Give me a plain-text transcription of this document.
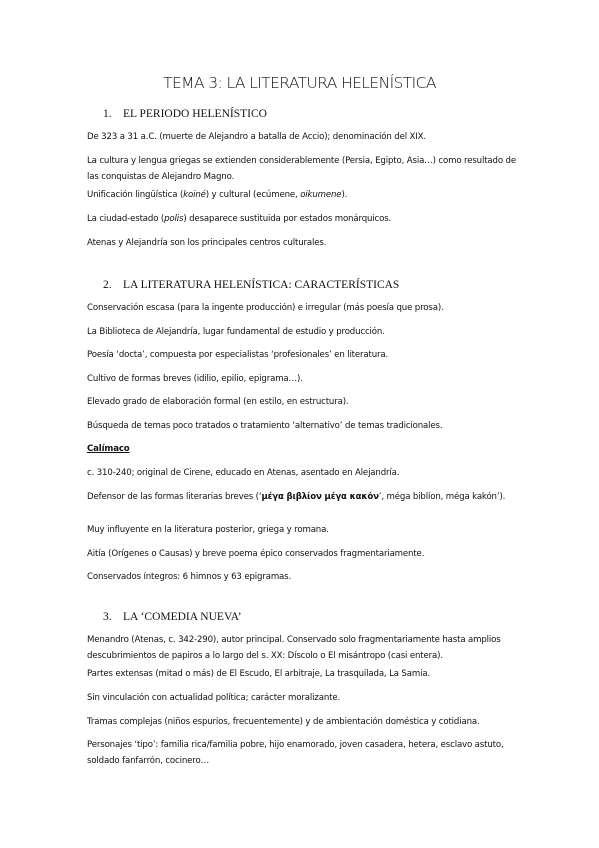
TEMA 3: LA LITERATURA HELENÍSTICA
1. EL PERIODO HELENÍSTICO
De 323 a 31 a.C. (muerte de Alejandro a batalla de Accio); denominación del XIX.
La cultura y lengua griegas se extienden considerablemente (Persia, Egipto, Asia…) como resultado de las conquistas de Alejandro Magno.
Unificación lingüística (koiné) y cultural (ecúmene, oikumene).
La ciudad-estado (polis) desaparece sustituida por estados monárquicos.
Atenas y Alejandría son los principales centros culturales.
2. LA LITERATURA HELENÍSTICA: CARACTERÍSTICAS
Conservación escasa (para la ingente producción) e irregular (más poesía que prosa).
La Biblioteca de Alejandría, lugar fundamental de estudio y producción.
Poesía ‘docta’, compuesta por especialistas ‘profesionales’ en literatura.
Cultivo de formas breves (idilio, epilio, epigrama…).
Elevado grado de elaboración formal (en estilo, en estructura).
Búsqueda de temas poco tratados o tratamiento ‘alternativo’ de temas tradicionales.
Calímaco
c. 310-240; original de Cirene, educado en Atenas, asentado en Alejandría.
Defensor de las formas literarias breves (‘μέγα βιβλίον μέγα κακόν’, méga biblíon, méga kakón’).
Muy influyente en la literatura posterior, griega y romana.
Aitía (Orígenes o Causas) y breve poema épico conservados fragmentariamente.
Conservados íntegros: 6 himnos y 63 epigramas.
3. LA ‘COMEDIA NUEVA’
Menandro (Atenas, c. 342-290), autor principal. Conservado solo fragmentariamente hasta amplios descubrimientos de papiros a lo largo del s. XX: Díscolo o El misántropo (casi entera).
Partes extensas (mitad o más) de El Escudo, El arbitraje, La trasquilada, La Samia.
Sin vinculación con actualidad política; carácter moralizante.
Tramas complejas (niños espurios, frecuentemente) y de ambientación doméstica y cotidiana.
Personajes ‘tipo’: familia rica/familia pobre, hijo enamorado, joven casadera, hetera, esclavo astuto, soldado fanfarrón, cocinero…
